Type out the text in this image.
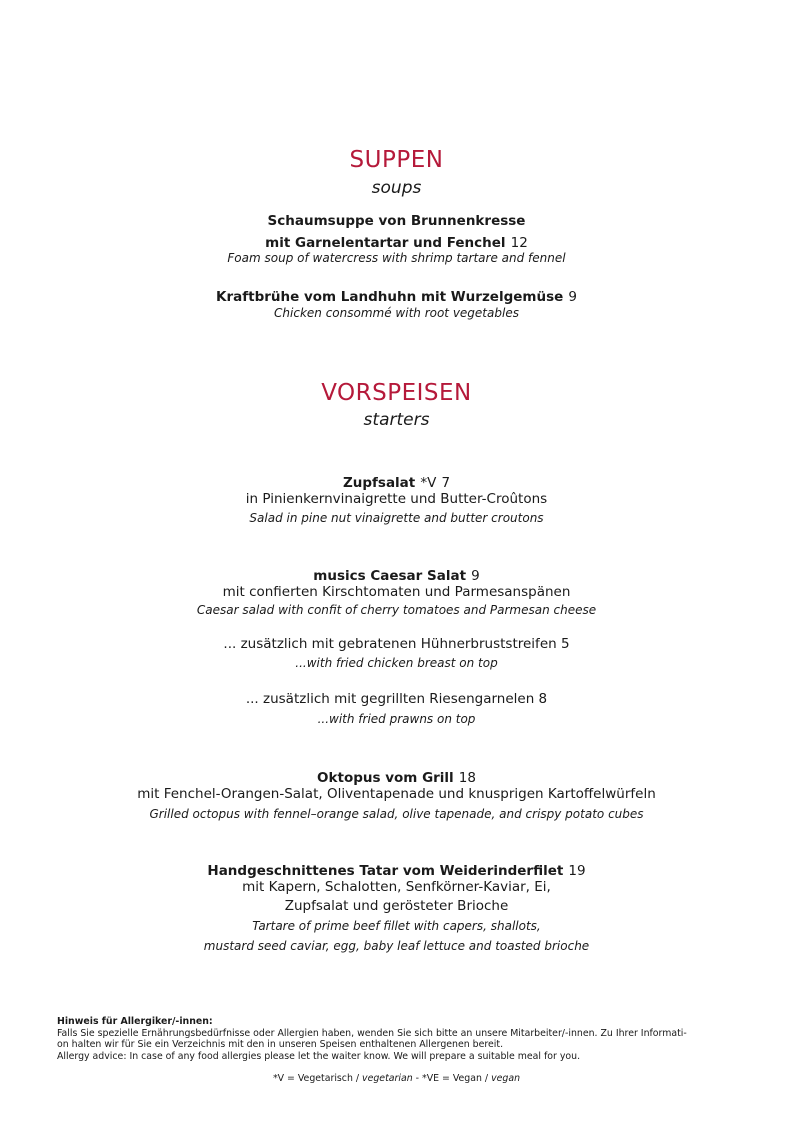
SUPPEN
soups
Schaumsuppe von Brunnenkresse
mit Garnelentartar und Fenchel 12
Foam soup of watercress with shrimp tartare and fennel
Kraftbrühe vom Landhuhn mit Wurzelgemüse 9
Chicken consommé with root vegetables
VORSPEISEN
starters
Zupfsalat *V 7
in Pinienkernvinaigrette und Butter-Croûtons
Salad in pine nut vinaigrette and butter croutons
musics Caesar Salat 9
mit confierten Kirschtomaten und Parmesanspänen
Caesar salad with confit of cherry tomatoes and Parmesan cheese
... zusätzlich mit gebratenen Hühnerbruststreifen 5
...with fried chicken breast on top
... zusätzlich mit gegrillten Riesengarnelen 8
...with fried prawns on top
Oktopus vom Grill 18
mit Fenchel-Orangen-Salat, Oliventapenade und knusprigen Kartoffelwürfeln
Grilled octopus with fennel–orange salad, olive tapenade, and crispy potato cubes
Handgeschnittenes Tatar vom Weiderinderfilet 19
mit Kapern, Schalotten, Senfkörner-Kaviar, Ei,
Zupfsalat und gerösteter Brioche
Tartare of prime beef fillet with capers, shallots,
mustard seed caviar, egg, baby leaf lettuce and toasted brioche
Hinweis für Allergiker/-innen:
Falls Sie spezielle Ernährungsbedürfnisse oder Allergien haben, wenden Sie sich bitte an unsere Mitarbeiter/-innen. Zu Ihrer Informati-
on halten wir für Sie ein Verzeichnis mit den in unseren Speisen enthaltenen Allergenen bereit.
Allergy advice: In case of any food allergies please let the waiter know. We will prepare a suitable meal for you.
*V = Vegetarisch / vegetarian - *VE = Vegan / vegan
